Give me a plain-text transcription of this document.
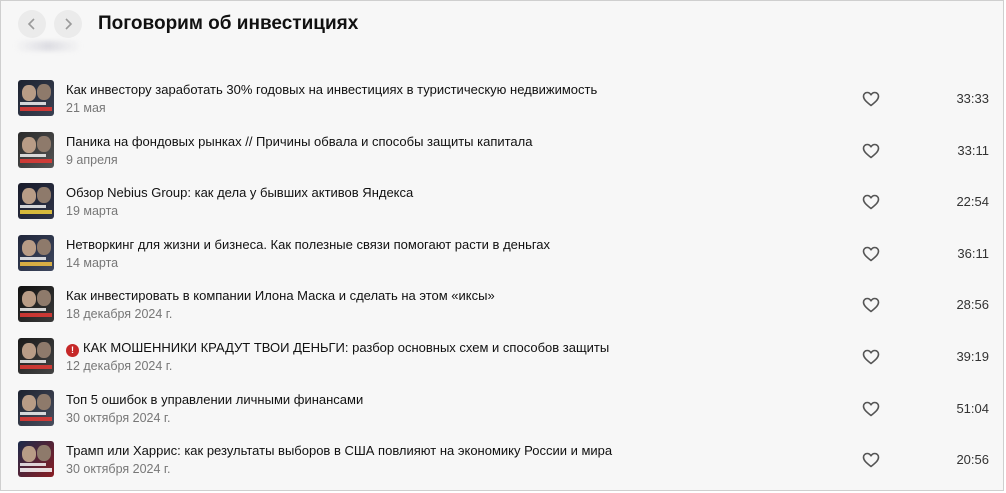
Поговорим об инвестициях
Как инвестору заработать 30% годовых на инвестициях в туристическую недвижимость
21 мая
33:33
Паника на фондовых рынках // Причины обвала и способы защиты капитала
9 апреля
33:11
Обзор Nebius Group: как дела у бывших активов Яндекса
19 марта
22:54
Нетворкинг для жизни и бизнеса. Как полезные связи помогают расти в деньгах
14 марта
36:11
Как инвестировать в компании Илона Маска и сделать на этом «иксы»
18 декабря 2024 г.
28:56
! КАК МОШЕННИКИ КРАДУТ ТВОИ ДЕНЬГИ: разбор основных схем и способов защиты
12 декабря 2024 г.
39:19
Топ 5 ошибок в управлении личными финансами
30 октября 2024 г.
51:04
Трамп или Харрис: как результаты выборов в США повлияют на экономику России и мира
30 октября 2024 г.
20:56
